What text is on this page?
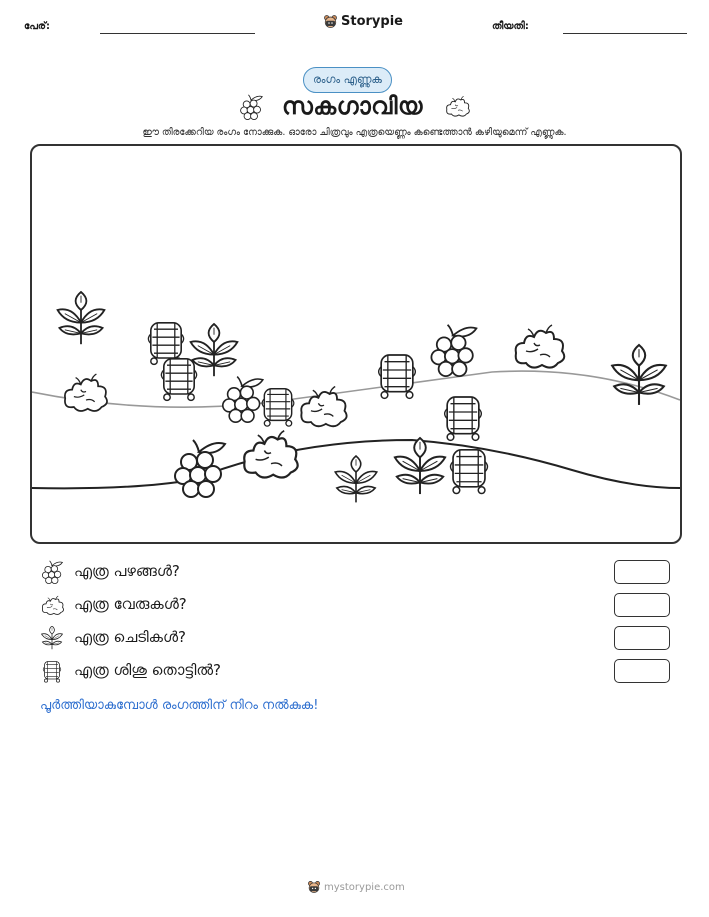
പേര്:	Storypie	തീയതി:
രംഗം എണ്ണുക
സകഗാവിയ
ഈ തിരക്കേറിയ രംഗം നോക്കുക. ഓരോ ചിത്രവും എത്രയെണ്ണം കണ്ടെത്താൻ കഴിയുമെന്ന് എണ്ണുക.
എത്ര പഴങ്ങൾ?
എത്ര വേരുകൾ?
എത്ര ചെടികൾ?
എത്ര ശിശു തൊട്ടിൽ?
പൂർത്തിയാകുമ്പോൾ രംഗത്തിന് നിറം നൽകുക!
mystorypie.com
